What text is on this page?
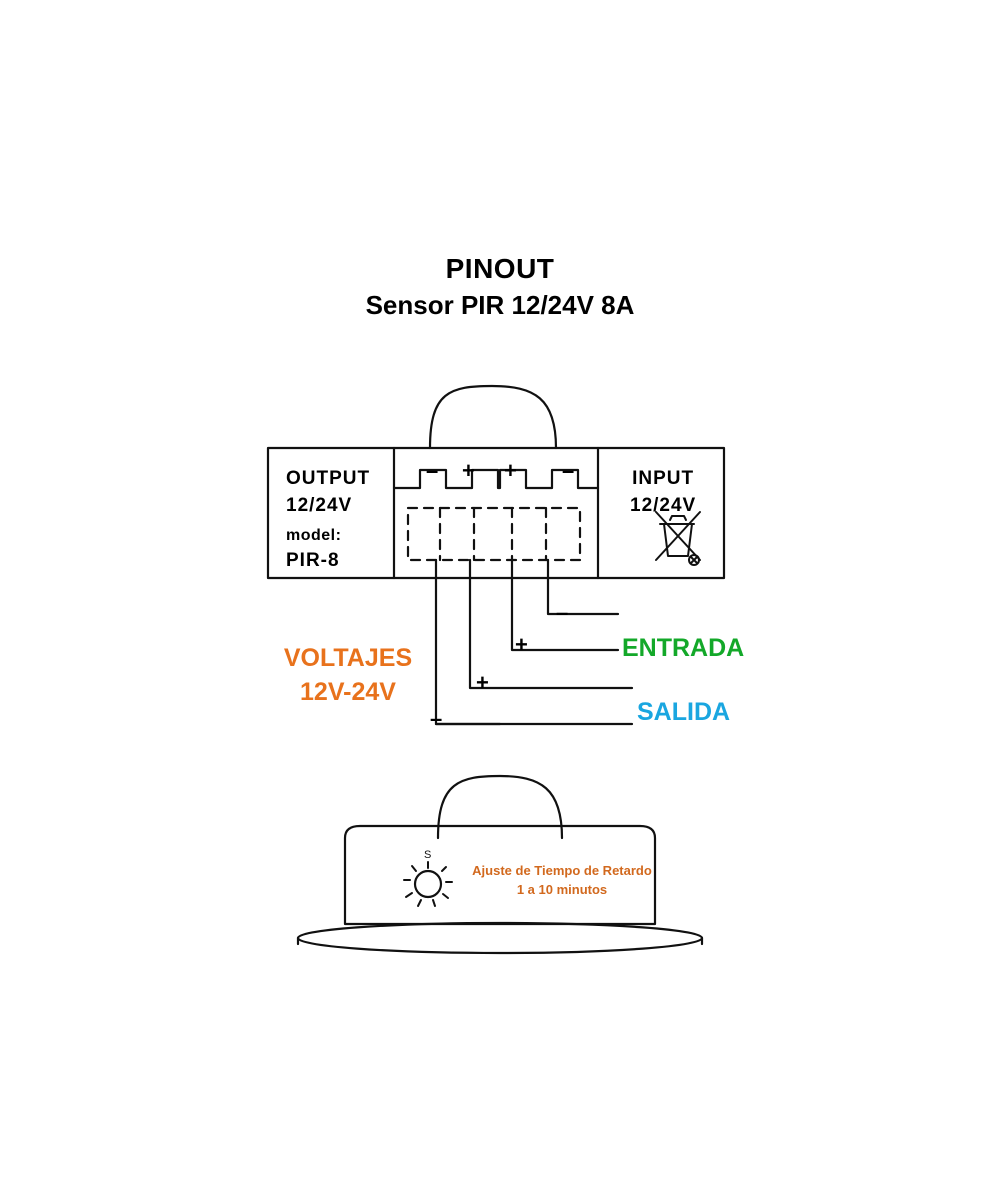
PINOUT
Sensor PIR 12/24V 8A
S
OUTPUT
12/24V
model:
PIR-8
INPUT
12/24V
– + + –
–
+
+
–
VOLTAJES
12V-24V
ENTRADA
SALIDA
Ajuste de Tiempo de Retardo
1 a 10 minutos
